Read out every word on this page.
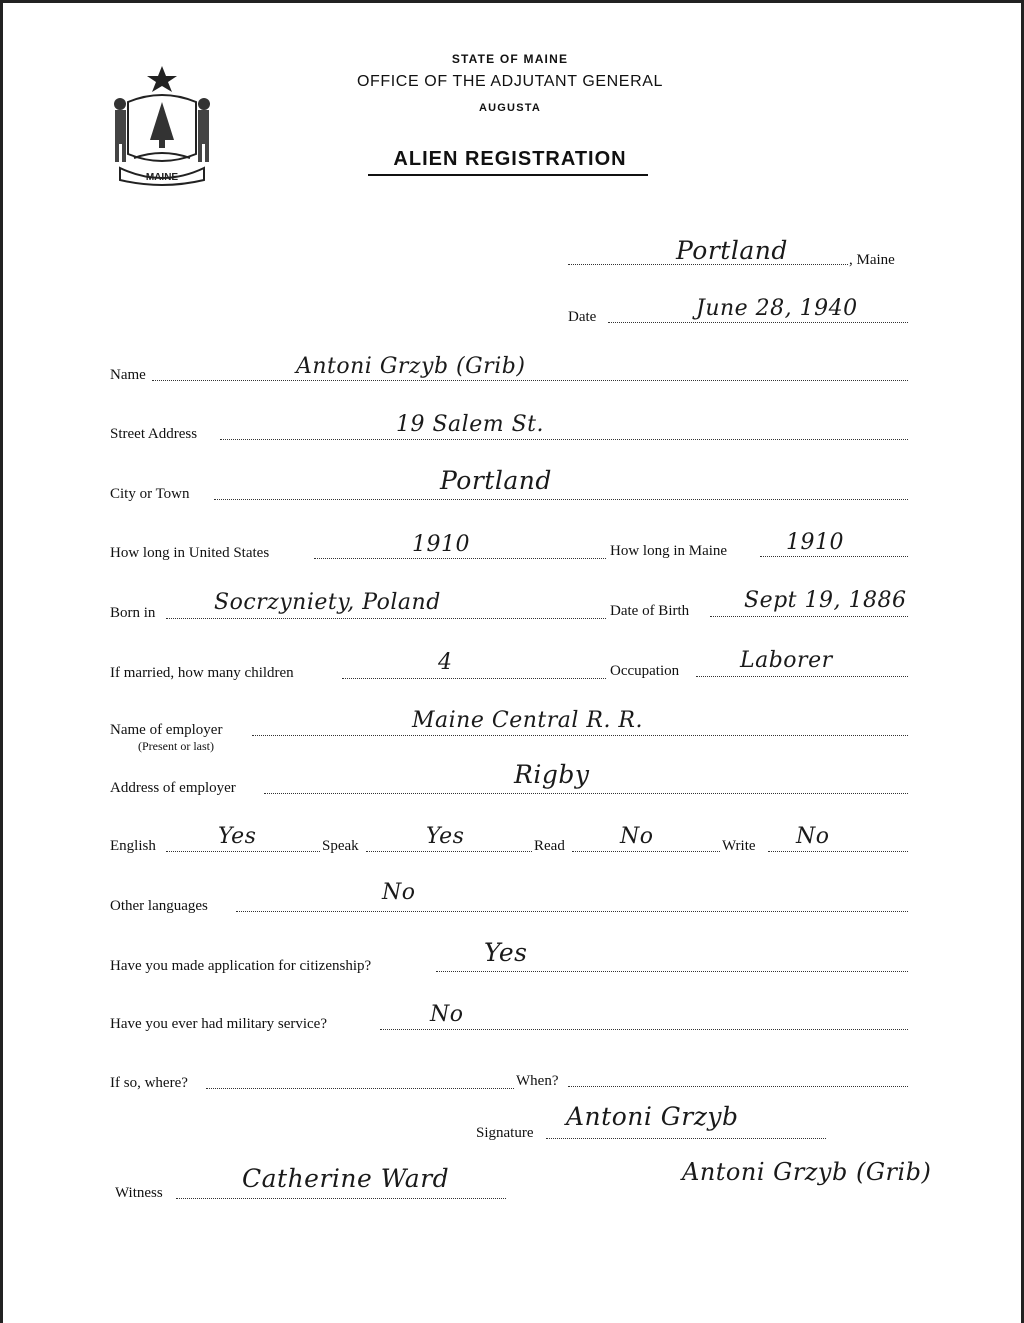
MAINE
STATE OF MAINE
OFFICE OF THE ADJUTANT GENERAL
AUGUSTA
ALIEN REGISTRATION
Portland	, Maine
Date	June 28, 1940
Name	Antoni Grzyb (Grib)
Street Address	19 Salem St.
City or Town	Portland
How long in United States	1910	How long in Maine	1910
Born in	Socrzyniety, Poland	Date of Birth Sept 19, 1886
If married, how many children	4	Occupation	Laborer
Name of employer
(Present or last)
Maine Central R. R.
Address of employer	Rigby
English	Yes	Speak	Yes	Read	No	Write No
Other languages
No
Have you made application for citizenship?	Yes
Have you ever had military service?	No
If so, where?	When?
Signature
Antoni Grzyb
Witness	Catherine Ward	Antoni Grzyb (Grib)
